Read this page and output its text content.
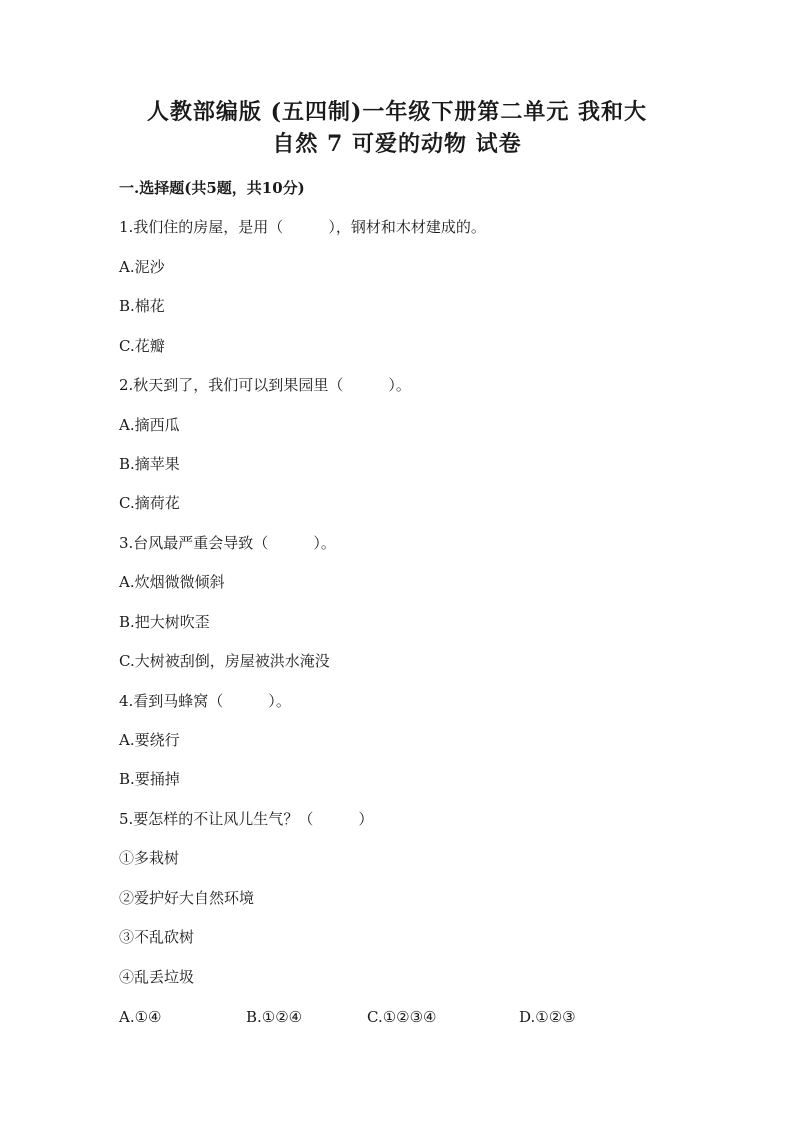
人教部编版 (五四制)一年级下册第二单元 我和大
自然 7 可爱的动物 试卷
一.选择题(共5题，共10分)
1.我们住的房屋，是用（　　　），钢材和木材建成的。
A.泥沙
B.棉花
C.花瓣
2.秋天到了，我们可以到果园里（　　　）。
A.摘西瓜
B.摘苹果
C.摘荷花
3.台风最严重会导致（　　　）。
A.炊烟微微倾斜
B.把大树吹歪
C.大树被刮倒，房屋被洪水淹没
4.看到马蜂窝（　　　）。
A.要绕行
B.要捅掉
5.要怎样的不让风儿生气？（　　　）
①多栽树
②爱护好大自然环境
③不乱砍树
④乱丢垃圾
A.①④	B.①②④	C.①②③④	D.①②③
